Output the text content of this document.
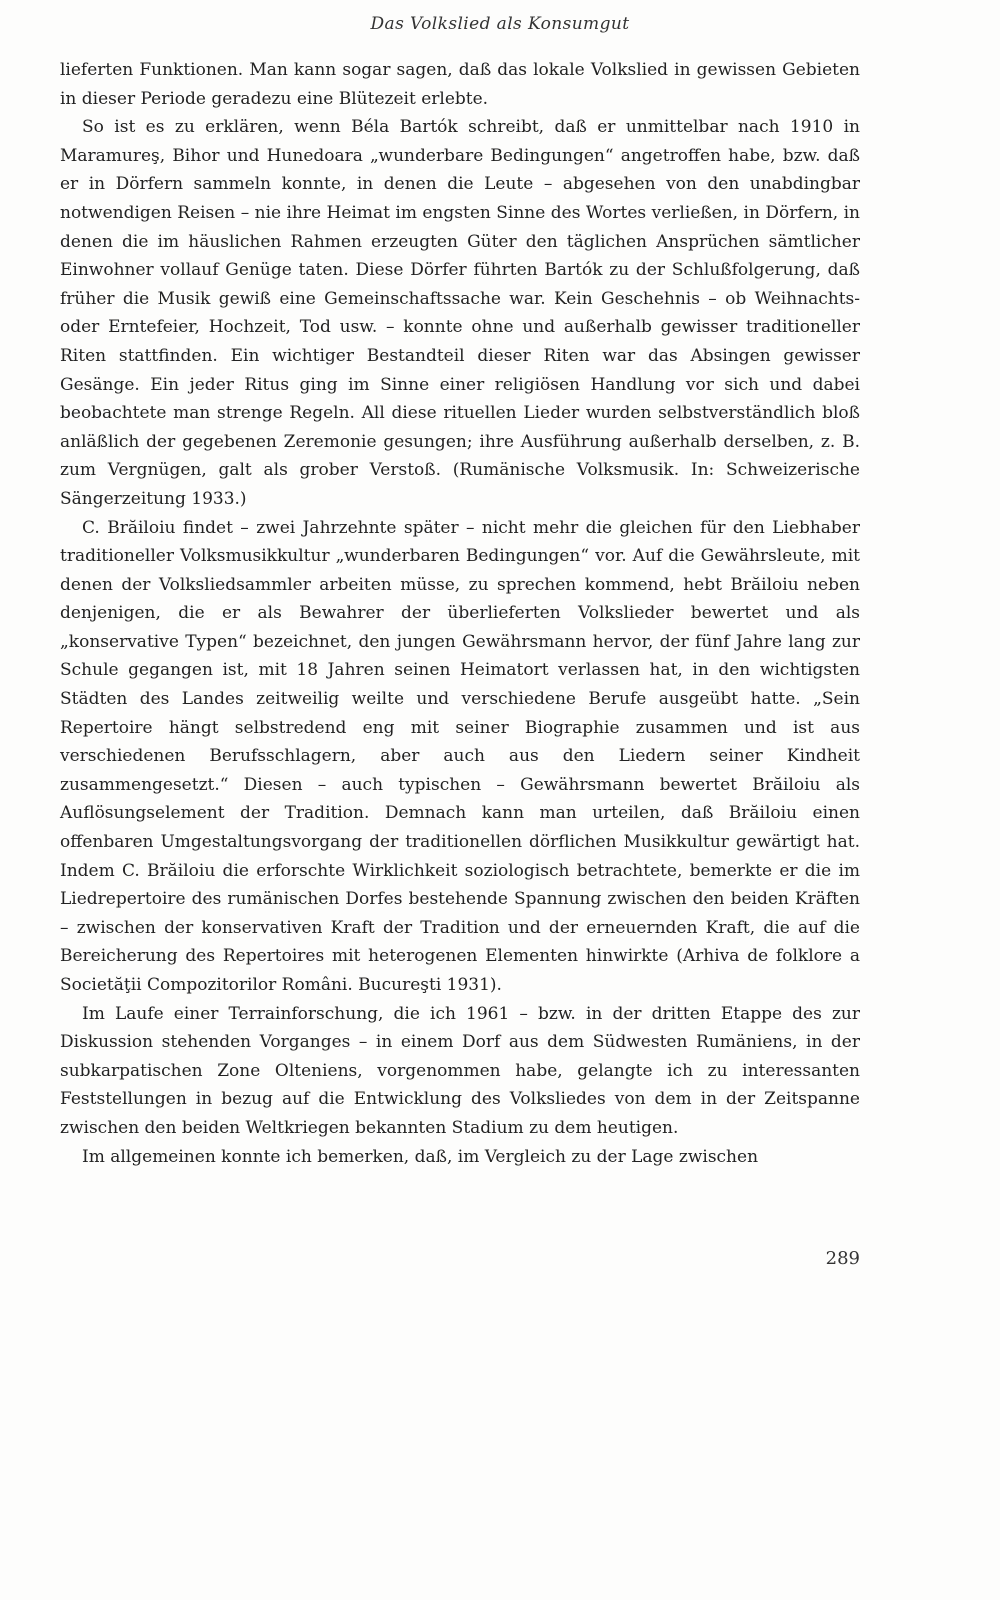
Das Volkslied als Konsumgut

lieferten Funktionen. Man kann sogar sagen, daß das lokale Volkslied in gewissen Gebieten in dieser Periode geradezu eine Blütezeit erlebte.

So ist es zu erklären, wenn Béla Bartók schreibt, daß er unmittelbar nach 1910 in Maramureş, Bihor und Hunedoara „wunderbare Bedingungen“ angetroffen habe, bzw. daß er in Dörfern sammeln konnte, in denen die Leute – abgesehen von den unabdingbar notwendigen Reisen – nie ihre Heimat im engsten Sinne des Wortes verließen, in Dörfern, in denen die im häuslichen Rahmen erzeugten Güter den täglichen Ansprüchen sämtlicher Einwohner vollauf Genüge taten. Diese Dörfer führten Bartók zu der Schlußfolgerung, daß früher die Musik gewiß eine Gemeinschaftssache war. Kein Geschehnis – ob Weihnachts- oder Erntefeier, Hochzeit, Tod usw. – konnte ohne und außerhalb gewisser traditioneller Riten stattfinden. Ein wichtiger Bestandteil dieser Riten war das Absingen gewisser Gesänge. Ein jeder Ritus ging im Sinne einer religiösen Handlung vor sich und dabei beobachtete man strenge Regeln. All diese rituellen Lieder wurden selbstverständlich bloß anläßlich der gegebenen Zeremonie gesungen; ihre Ausführung außerhalb derselben, z. B. zum Vergnügen, galt als grober Verstoß. (Rumänische Volksmusik. In: Schweizerische Sängerzeitung 1933.)

C. Brăiloiu findet – zwei Jahrzehnte später – nicht mehr die gleichen für den Liebhaber traditioneller Volksmusikkultur „wunderbaren Bedingungen“ vor. Auf die Gewährsleute, mit denen der Volksliedsammler arbeiten müsse, zu sprechen kommend, hebt Brăiloiu neben denjenigen, die er als Bewahrer der überlieferten Volkslieder bewertet und als „konservative Typen“ bezeichnet, den jungen Gewährsmann hervor, der fünf Jahre lang zur Schule gegangen ist, mit 18 Jahren seinen Heimatort verlassen hat, in den wichtigsten Städten des Landes zeitweilig weilte und verschiedene Berufe ausgeübt hatte. „Sein Repertoire hängt selbstredend eng mit seiner Biographie zusammen und ist aus verschiedenen Berufsschlagern, aber auch aus den Liedern seiner Kindheit zusammengesetzt.“ Diesen – auch typischen – Gewährsmann bewertet Brăiloiu als Auflösungselement der Tradition. Demnach kann man urteilen, daß Brăiloiu einen offenbaren Umgestaltungsvorgang der traditionellen dörflichen Musikkultur gewärtigt hat. Indem C. Brăiloiu die erforschte Wirklichkeit soziologisch betrachtete, bemerkte er die im Liedrepertoire des rumänischen Dorfes bestehende Spannung zwischen den beiden Kräften – zwischen der konservativen Kraft der Tradition und der erneuernden Kraft, die auf die Bereicherung des Repertoires mit heterogenen Elementen hinwirkte (Arhiva de folklore a Societăţii Compozitorilor Români. Bucureşti 1931).

Im Laufe einer Terrainforschung, die ich 1961 – bzw. in der dritten Etappe des zur Diskussion stehenden Vorganges – in einem Dorf aus dem Südwesten Rumäniens, in der subkarpatischen Zone Olteniens, vorgenommen habe, gelangte ich zu interessanten Feststellungen in bezug auf die Entwicklung des Volksliedes von dem in der Zeitspanne zwischen den beiden Weltkriegen bekannten Stadium zu dem heutigen.

Im allgemeinen konnte ich bemerken, daß, im Vergleich zu der Lage zwischen

289
